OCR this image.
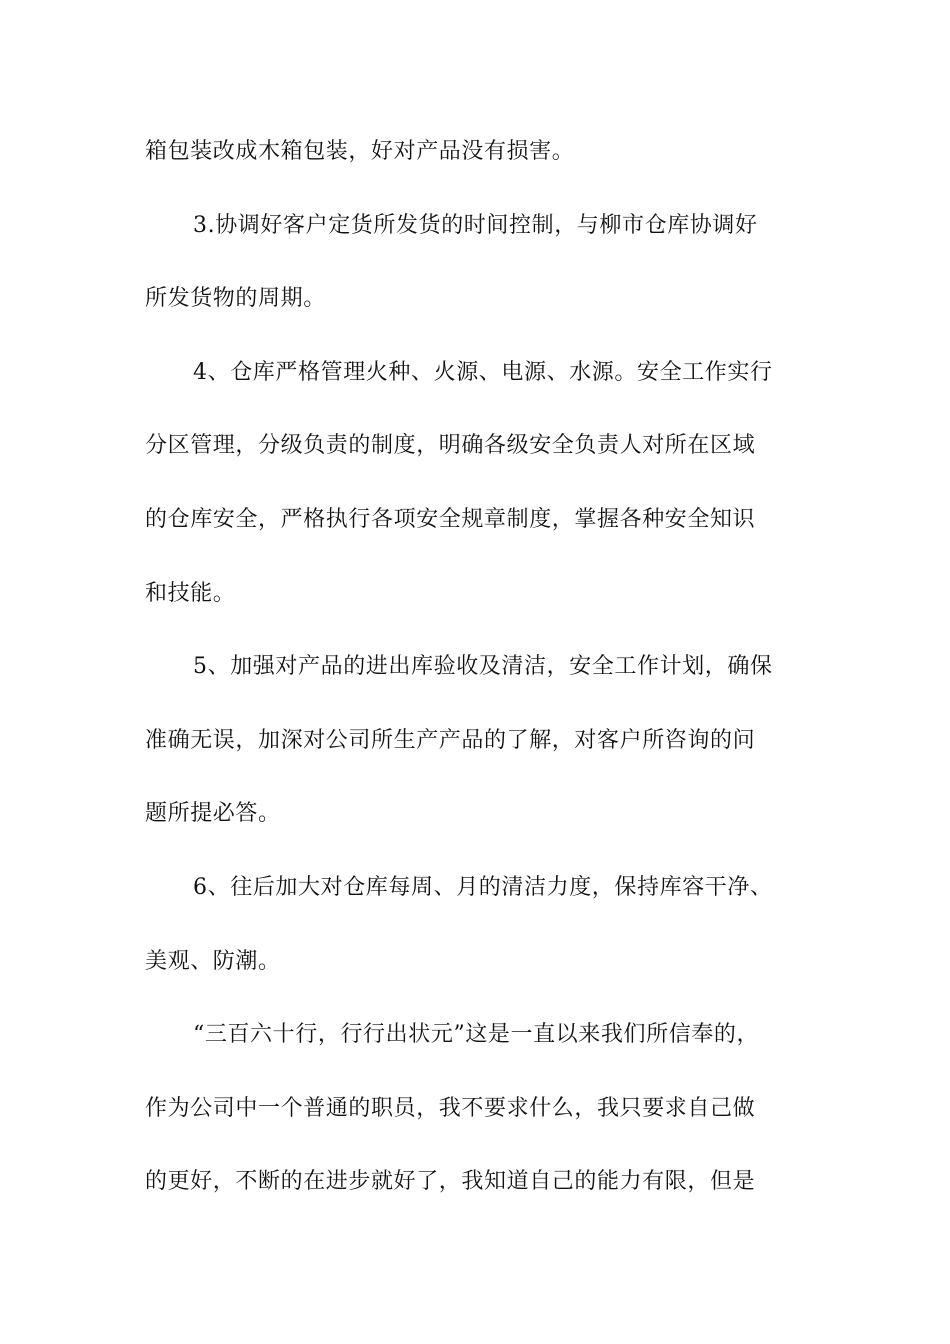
箱包装改成木箱包装，好对产品没有损害。
3.协调好客户定货所发货的时间控制，与柳市仓库协调好
所发货物的周期。
4、仓库严格管理火种、火源、电源、水源。安全工作实行
分区管理，分级负责的制度，明确各级安全负责人对所在区域
的仓库安全，严格执行各项安全规章制度，掌握各种安全知识
和技能。
5、加强对产品的进出库验收及清洁，安全工作计划，确保
准确无误，加深对公司所生产产品的了解，对客户所咨询的问
题所提必答。
6、往后加大对仓库每周、月的清洁力度，保持库容干净、
美观、防潮。
“三百六十行，行行出状元”这是一直以来我们所信奉的，
作为公司中一个普通的职员，我不要求什么，我只要求自己做
的更好，不断的在进步就好了，我知道自己的能力有限，但是
